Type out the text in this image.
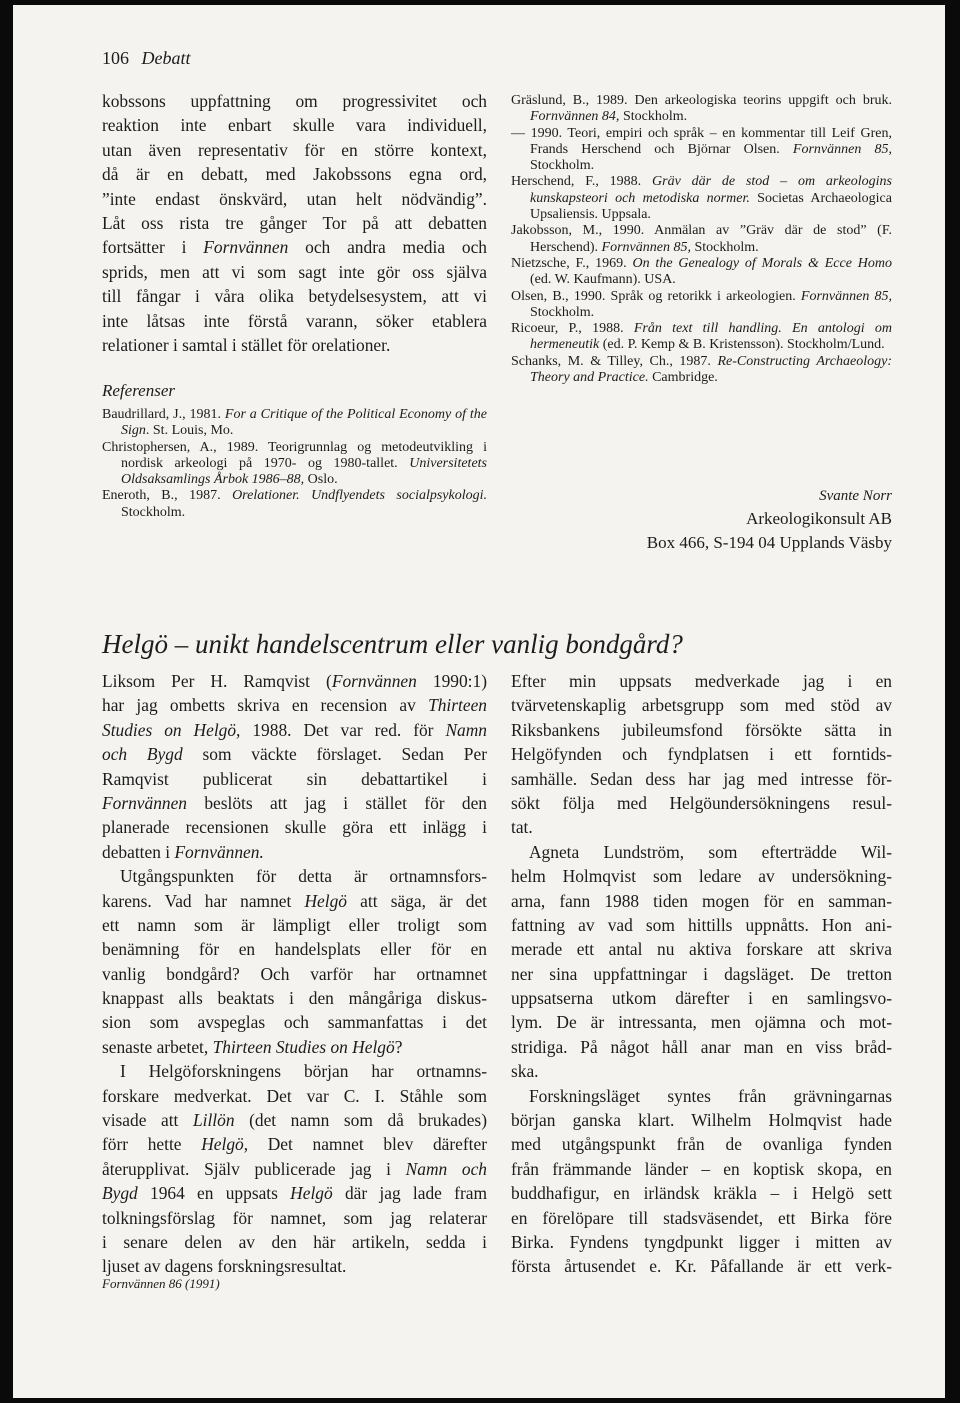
106 Debatt
kobssons uppfattning om progressivitet och
reaktion inte enbart skulle vara individuell,
utan även representativ för en större kontext,
då är en debatt, med Jakobssons egna ord,
”inte endast önskvärd, utan helt nödvändig”.
Låt oss rista tre gånger Tor på att debatten
fortsätter i Fornvännen och andra media och
sprids, men att vi som sagt inte gör oss själva
till fångar i våra olika betydelsesystem, att vi
inte låtsas inte förstå varann, söker etablera
relationer i samtal i stället för orelationer.
Referenser

Baudrillard, J., 1981. For a Critique of the Political Economy of the Sign. St. Louis, Mo.

Christophersen, A., 1989. Teorigrunnlag og metodeutvikling i nordisk arkeologi på 1970- og 1980-tallet. Universitetets Oldsaksamlings Årbok 1986–88, Oslo.

Eneroth, B., 1987. Orelationer. Undflyendets socialpsykologi. Stockholm.

Gräslund, B., 1989. Den arkeologiska teorins uppgift och bruk. Fornvännen 84, Stockholm.

— 1990. Teori, empiri och språk – en kommentar till Leif Gren, Frands Herschend och Björnar Olsen. Fornvännen 85, Stockholm.

Herschend, F., 1988. Gräv där de stod – om arkeologins kunskapsteori och metodiska normer. Societas Archaeologica Upsaliensis. Uppsala.

Jakobsson, M., 1990. Anmälan av ”Gräv där de stod” (F. Herschend). Fornvännen 85, Stockholm.

Nietzsche, F., 1969. On the Genealogy of Morals & Ecce Homo (ed. W. Kaufmann). USA.

Olsen, B., 1990. Språk og retorikk i arkeologien. Fornvännen 85, Stockholm.

Ricoeur, P., 1988. Från text till handling. En antologi om hermeneutik (ed. P. Kemp & B. Kristensson). Stockholm/Lund.

Schanks, M. & Tilley, Ch., 1987. Re-Constructing Archaeology: Theory and Practice. Cambridge.

Svante Norr
Arkeologikonsult AB
Box 466, S-194 04 Upplands Väsby
Helgö – unikt handelscentrum eller vanlig bondgård?
Liksom Per H. Ramqvist (Fornvännen 1990:1)
har jag ombetts skriva en recension av Thirteen
Studies on Helgö, 1988. Det var red. för Namn
och Bygd som väckte förslaget. Sedan Per
Ramqvist publicerat sin debattartikel i
Fornvännen beslöts att jag i stället för den
planerade recensionen skulle göra ett inlägg i
debatten i Fornvännen.
Utgångspunkten för detta är ortnamnsfors-
karens. Vad har namnet Helgö att säga, är det
ett namn som är lämpligt eller troligt som
benämning för en handelsplats eller för en
vanlig bondgård? Och varför har ortnamnet
knappast alls beaktats i den mångåriga diskus-
sion som avspeglas och sammanfattas i det
senaste arbetet, Thirteen Studies on Helgö?
I Helgöforskningens början har ortnamns-
forskare medverkat. Det var C. I. Ståhle som
visade att Lillön (det namn som då brukades)
förr hette Helgö, Det namnet blev därefter
återupplivat. Själv publicerade jag i Namn och
Bygd 1964 en uppsats Helgö där jag lade fram
tolkningsförslag för namnet, som jag relaterar
i senare delen av den här artikeln, sedda i
ljuset av dagens forskningsresultat.
Efter min uppsats medverkade jag i en
tvärvetenskaplig arbetsgrupp som med stöd av
Riksbankens jubileumsfond försökte sätta in
Helgöfynden och fyndplatsen i ett forntids-
samhälle. Sedan dess har jag med intresse för-
sökt följa med Helgöundersökningens resul-
tat.
Agneta Lundström, som efterträdde Wil-
helm Holmqvist som ledare av undersökning-
arna, fann 1988 tiden mogen för en samman-
fattning av vad som hittills uppnåtts. Hon ani-
merade ett antal nu aktiva forskare att skriva
ner sina uppfattningar i dagsläget. De tretton
uppsatserna utkom därefter i en samlingsvo-
lym. De är intressanta, men ojämna och mot-
stridiga. På något håll anar man en viss bråd-
ska.
Forskningsläget syntes från grävningarnas
början ganska klart. Wilhelm Holmqvist hade
med utgångspunkt från de ovanliga fynden
från främmande länder – en koptisk skopa, en
buddhafigur, en irländsk kräkla – i Helgö sett
en förelöpare till stadsväsendet, ett Birka före
Birka. Fyndens tyngdpunkt ligger i mitten av
första årtusendet e. Kr. Påfallande är ett verk-
Fornvännen 86 (1991)
